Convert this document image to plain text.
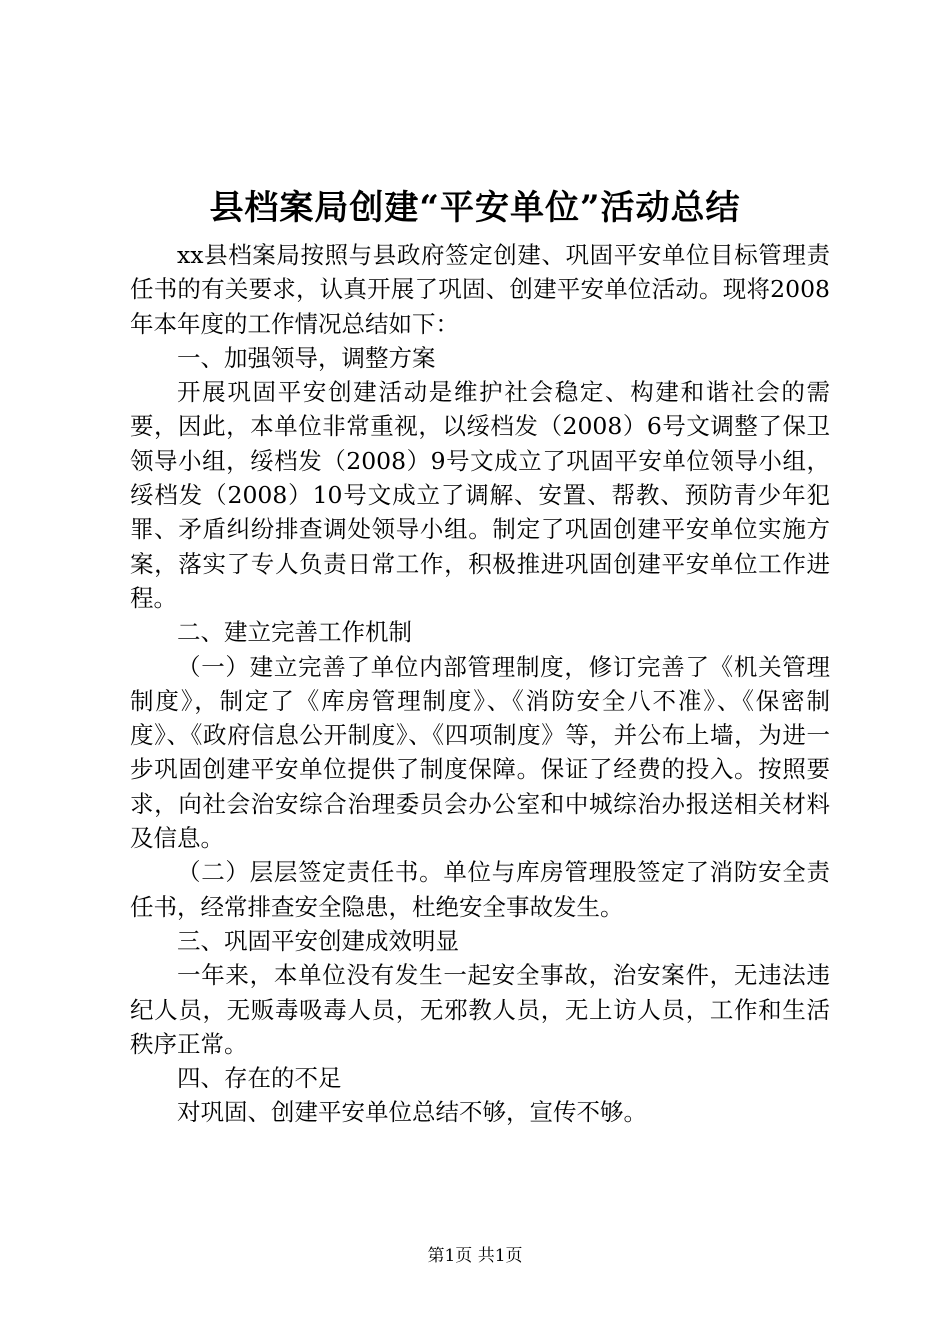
县档案局创建“平安单位”活动总结

xx县档案局按照与县政府签定创建、巩固平安单位目标管理责任书的有关要求，认真开展了巩固、创建平安单位活动。现将2008年本年度的工作情况总结如下：

一、加强领导，调整方案

开展巩固平安创建活动是维护社会稳定、构建和谐社会的需要，因此，本单位非常重视，以绥档发（2008）6号文调整了保卫领导小组，绥档发（2008）9号文成立了巩固平安单位领导小组，绥档发（2008）10号文成立了调解、安置、帮教、预防青少年犯罪、矛盾纠纷排查调处领导小组。制定了巩固创建平安单位实施方案，落实了专人负责日常工作，积极推进巩固创建平安单位工作进程。

二、建立完善工作机制

（一）建立完善了单位内部管理制度，修订完善了《机关管理制度》，制定了《库房管理制度》、《消防安全八不准》、《保密制度》、《政府信息公开制度》、《四项制度》等，并公布上墙，为进一步巩固创建平安单位提供了制度保障。保证了经费的投入。按照要求，向社会治安综合治理委员会办公室和中城综治办报送相关材料及信息。

（二）层层签定责任书。单位与库房管理股签定了消防安全责任书，经常排查安全隐患，杜绝安全事故发生。

三、巩固平安创建成效明显

一年来，本单位没有发生一起安全事故，治安案件，无违法违纪人员，无贩毒吸毒人员，无邪教人员，无上访人员，工作和生活秩序正常。

四、存在的不足

对巩固、创建平安单位总结不够，宣传不够。

第1页 共1页
